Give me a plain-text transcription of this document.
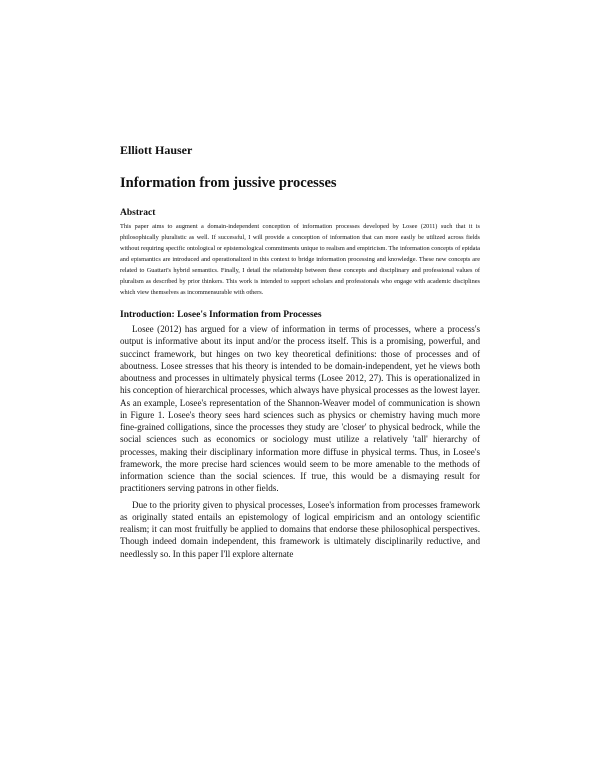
Elliott Hauser
Information from jussive processes
Abstract
This paper aims to augment a domain-independent conception of information processes developed by Losee (2011) such that it is philosophically pluralistic as well. If successful, I will provide a conception of information that can more easily be utilized across fields without requiring specific ontological or epistemological commitments unique to realism and empiricism. The information concepts of epidata and epismantics are introduced and operationalized in this context to bridge information processing and knowledge. These new concepts are related to Guattari's hybrid semantics. Finally, I detail the relationship between these concepts and disciplinary and professional values of pluralism as described by prior thinkers. This work is intended to support scholars and professionals who engage with academic disciplines which view themselves as incommensurable with others.
Introduction: Losee's Information from Processes

Losee (2012) has argued for a view of information in terms of processes, where a process's output is informative about its input and/or the process itself. This is a promising, powerful, and succinct framework, but hinges on two key theoretical definitions: those of processes and of aboutness. Losee stresses that his theory is intended to be domain-independent, yet he views both aboutness and processes in ultimately physical terms (Losee 2012, 27). This is operationalized in his conception of hierarchical processes, which always have physical processes as the lowest layer. As an example, Losee's representation of the Shannon-Weaver model of communication is shown in Figure 1. Losee's theory sees hard sciences such as physics or chemistry having much more fine-grained colligations, since the processes they study are 'closer' to physical bedrock, while the social sciences such as economics or sociology must utilize a relatively 'tall' hierarchy of processes, making their disciplinary information more diffuse in physical terms. Thus, in Losee's framework, the more precise hard sciences would seem to be more amenable to the methods of information science than the social sciences. If true, this would be a dismaying result for practitioners serving patrons in other fields.

Due to the priority given to physical processes, Losee's information from processes framework as originally stated entails an epistemology of logical empiricism and an ontology scientific realism; it can most fruitfully be applied to domains that endorse these philosophical perspectives. Though indeed domain independent, this framework is ultimately disciplinarily reductive, and needlessly so. In this paper I'll explore alternate
